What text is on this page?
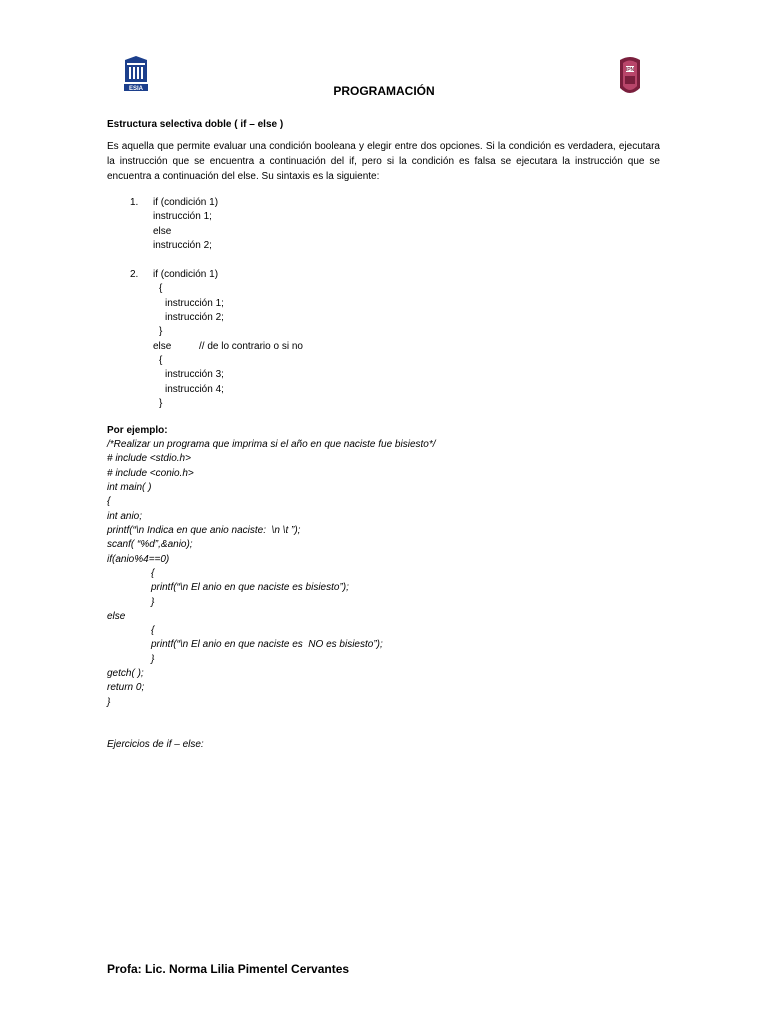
ESIA
IPN
PROGRAMACIÓN
Estructura selectiva doble ( if – else )
Es aquella que permite evaluar una condición booleana y elegir entre dos opciones. Si la condición es verdadera, ejecutara la instrucción que se encuentra a continuación del if, pero si la condición es falsa se ejecutara la instrucción que se encuentra a continuación del else. Su sintaxis es la siguiente:
1. if (condición 1)
instrucción 1;
else
instrucción 2;
2. if (condición 1)
{
instrucción 1;
instrucción 2;
}
else	// de lo contrario o si no
{
instrucción 3;
instrucción 4;
}
Por ejemplo:
/*Realizar un programa que imprima si el año en que naciste fue bisiesto*/
# include <stdio.h>
# include <conio.h>
int main( )
{
int anio;
printf(“\n Indica en que anio naciste:  \n \t ”);
scanf( “%d”,&anio);
if(anio%4==0)
{
printf(“\n El anio en que naciste es bisiesto”);
}
else
{
printf(“\n El anio en que naciste es  NO es bisiesto”);
}
getch( );
return 0;
}
Ejercicios de if – else:
Profa: Lic. Norma Lilia Pimentel Cervantes
